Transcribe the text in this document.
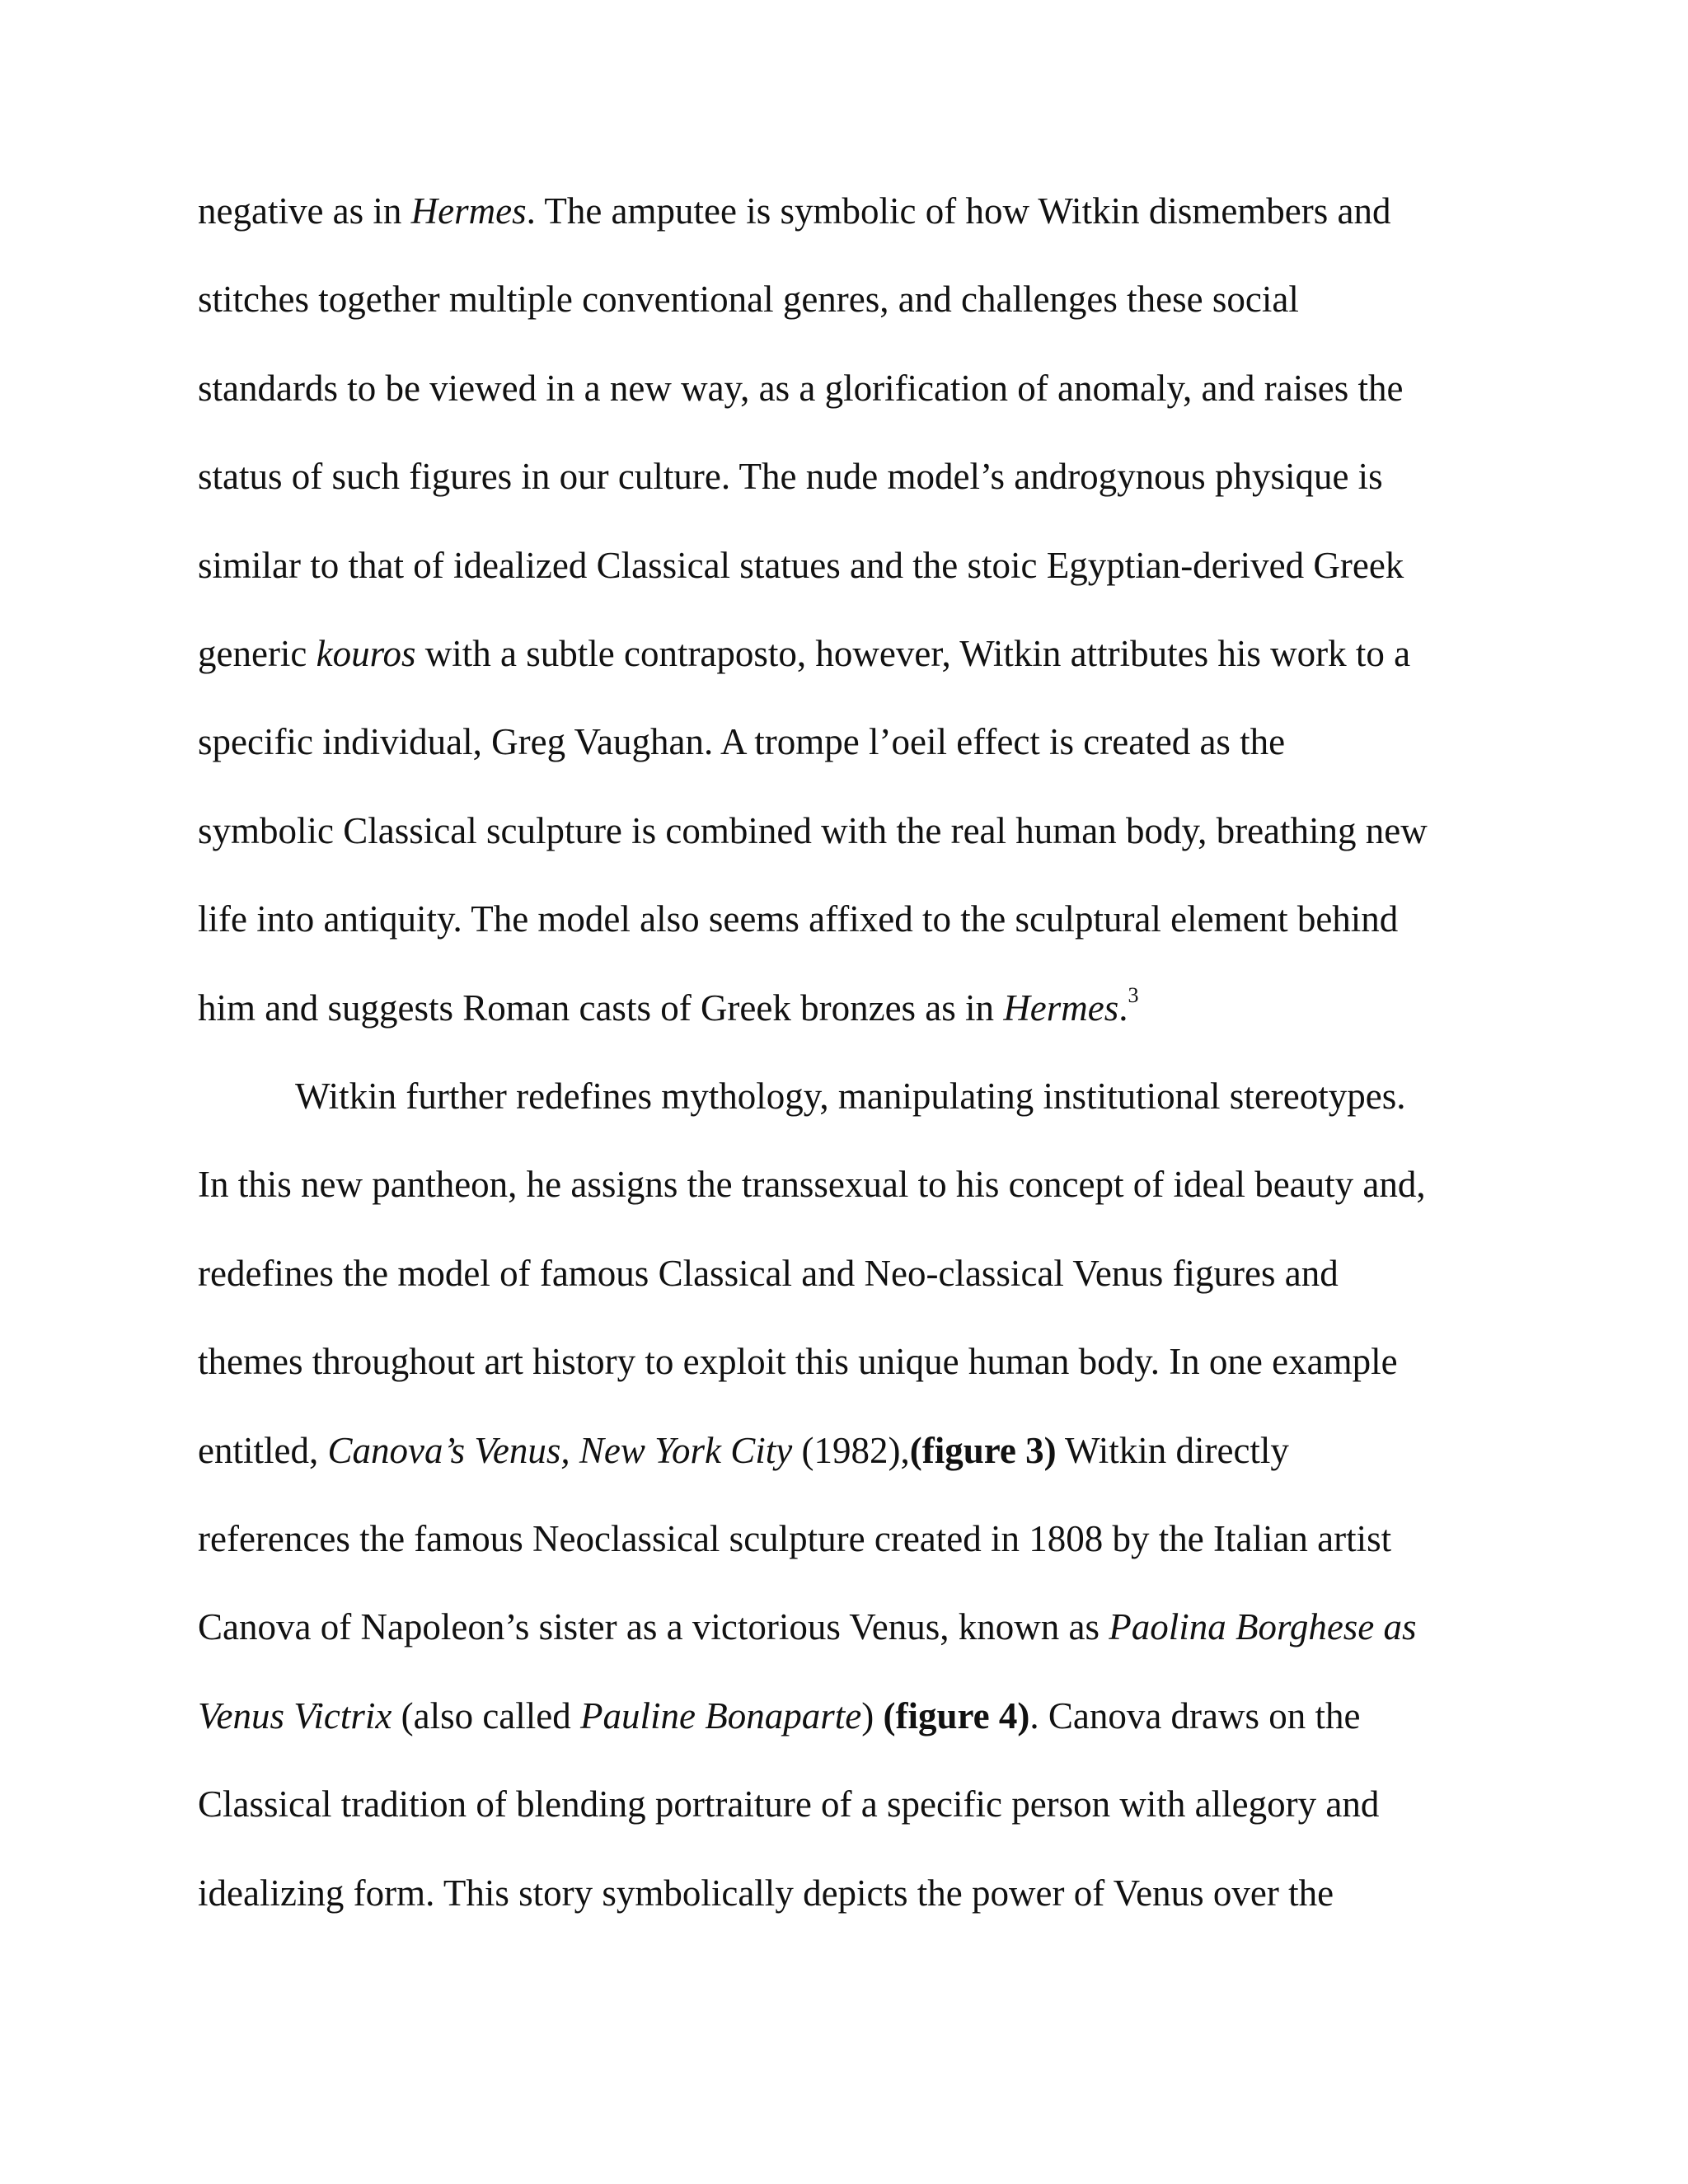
negative as in Hermes. The amputee is symbolic of how Witkin dismembers and
stitches together multiple conventional genres, and challenges these social
standards to be viewed in a new way, as a glorification of anomaly, and raises the
status of such figures in our culture. The nude model’s androgynous physique is
similar to that of idealized Classical statues and the stoic Egyptian-derived Greek
generic kouros with a subtle contraposto, however, Witkin attributes his work to a
specific individual, Greg Vaughan. A trompe l’oeil effect is created as the
symbolic Classical sculpture is combined with the real human body, breathing new
life into antiquity. The model also seems affixed to the sculptural element behind
him and suggests Roman casts of Greek bronzes as in Hermes.$^3$
Witkin further redefines mythology, manipulating institutional stereotypes.
In this new pantheon, he assigns the transsexual to his concept of ideal beauty and,
redefines the model of famous Classical and Neo-classical Venus figures and
themes throughout art history to exploit this unique human body. In one example
entitled, Canova’s Venus, New York City (1982),(figure 3) Witkin directly
references the famous Neoclassical sculpture created in 1808 by the Italian artist
Canova of Napoleon’s sister as a victorious Venus, known as Paolina Borghese as
Venus Victrix (also called Pauline Bonaparte) (figure 4). Canova draws on the
Classical tradition of blending portraiture of a specific person with allegory and
idealizing form. This story symbolically depicts the power of Venus over the
